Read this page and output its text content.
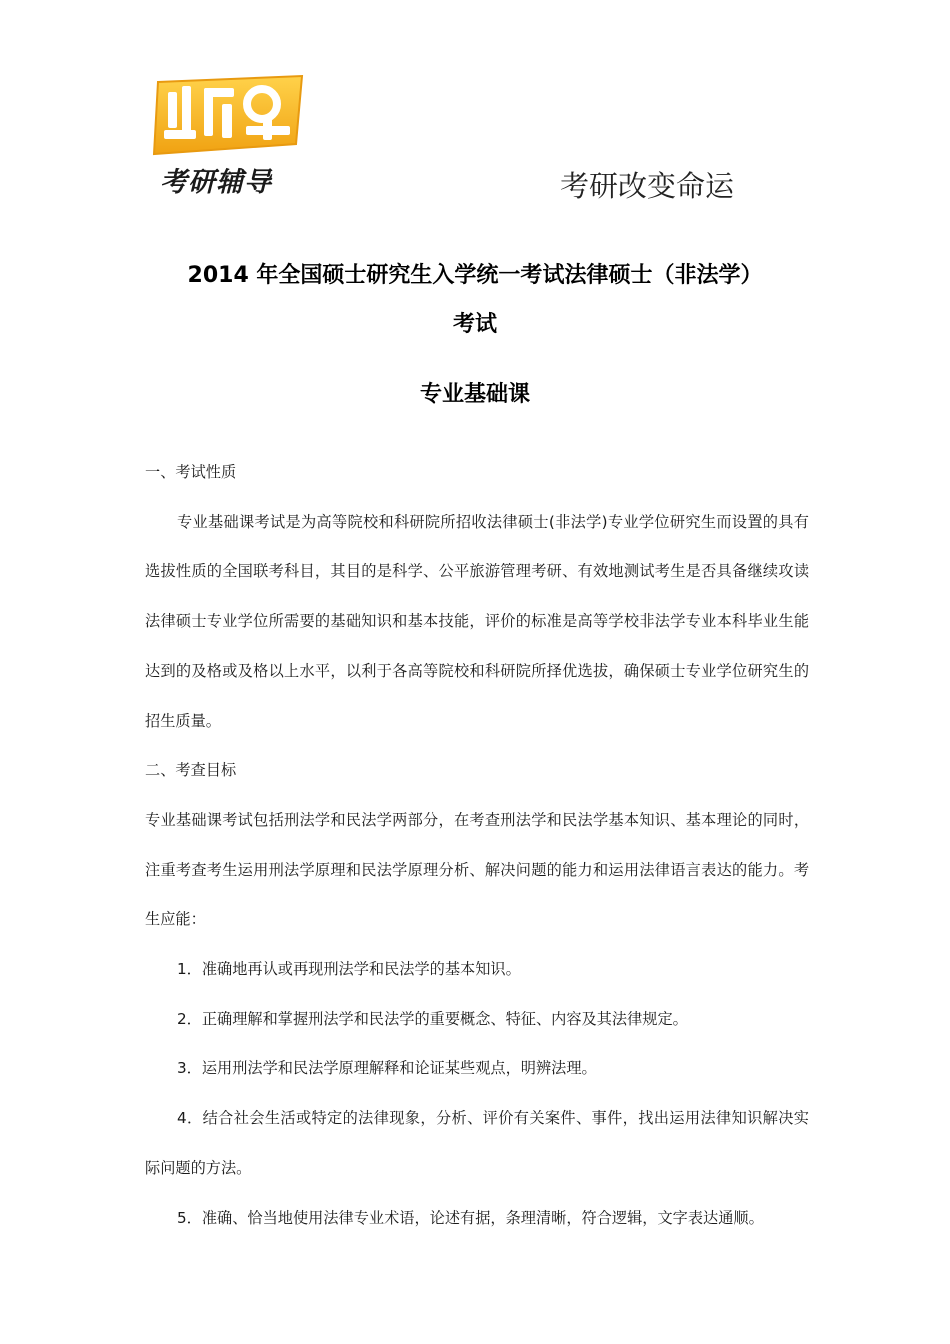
考研辅导	考研改变命运
2014 年全国硕士研究生入学统一考试法律硕士（非法学）
考试
专业基础课

一、考试性质

专业基础课考试是为高等院校和科研院所招收法律硕士(非法学)专业学位研究生而设置的具有选拔性质的全国联考科目，其目的是科学、公平旅游管理考研、有效地测试考生是否具备继续攻读法律硕士专业学位所需要的基础知识和基本技能，评价的标准是高等学校非法学专业本科毕业生能达到的及格或及格以上水平，以利于各高等院校和科研院所择优选拔，确保硕士专业学位研究生的招生质量。

二、考查目标

专业基础课考试包括刑法学和民法学两部分，在考查刑法学和民法学基本知识、基本理论的同时，注重考查考生运用刑法学原理和民法学原理分析、解决问题的能力和运用法律语言表达的能力。考生应能：

1．准确地再认或再现刑法学和民法学的基本知识。

2．正确理解和掌握刑法学和民法学的重要概念、特征、内容及其法律规定。

3．运用刑法学和民法学原理解释和论证某些观点，明辨法理。

4．结合社会生活或特定的法律现象，分析、评价有关案件、事件，找出运用法律知识解决实际问题的方法。

5．准确、恰当地使用法律专业术语，论述有据，条理清晰，符合逻辑，文字表达通顺。
